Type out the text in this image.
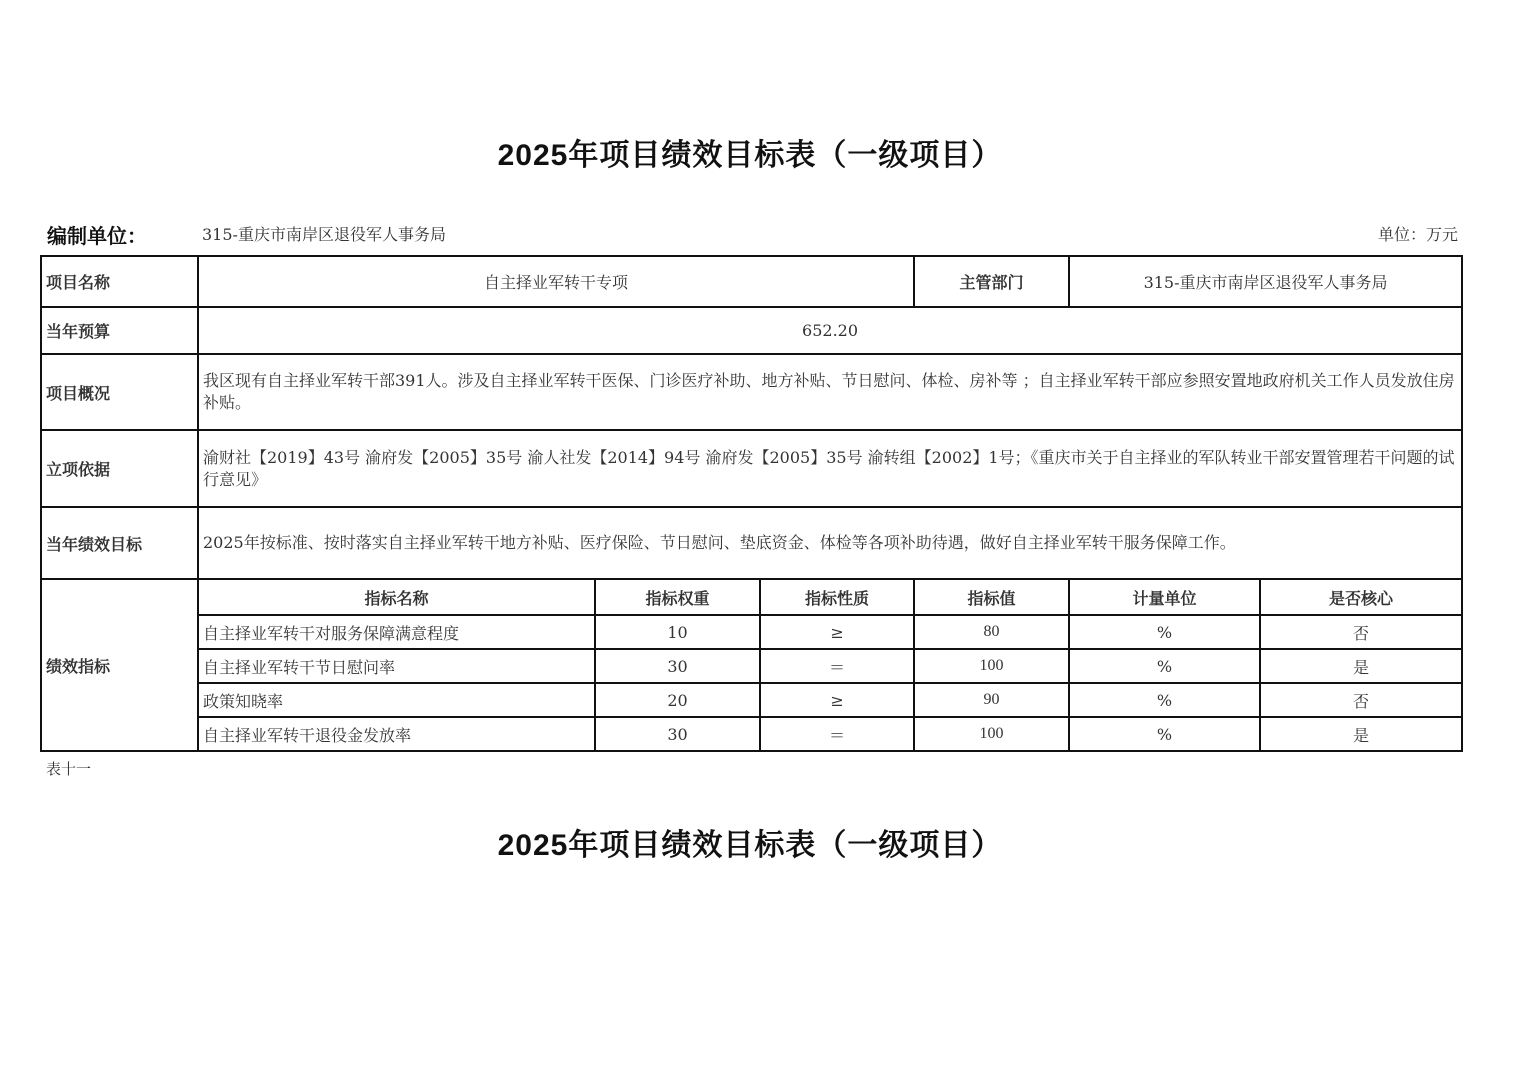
2025年项目绩效目标表（一级项目）
编制单位：	315-重庆市南岸区退役军人事务局	单位：万元
项目名称	自主择业军转干专项			主管部门	315-重庆市南岸区退役军人事务局	
当年预算	652.20					
项目概况	我区现有自主择业军转干部391人。涉及自主择业军转干医保、门诊医疗补助、地方补贴、节日慰问、体检、房补等 ；自主择业军转干部应参照安置地政府机关工作人员发放住房补贴。					
立项依据	渝财社【2019】43号 渝府发【2005】35号 渝人社发【2014】94号 渝府发【2005】35号 渝转组【2002】1号；《重庆市关于自主择业的军队转业干部安置管理若干问题的试行意见》					
当年绩效目标	2025年按标准、按时落实自主择业军转干地方补贴、医疗保险、节日慰问、垫底资金、体检等各项补助待遇，做好自主择业军转干服务保障工作。					
绩效指标	指标名称	指标权重	指标性质	指标值	计量单位	是否核心
	自主择业军转干对服务保障满意程度	10	≥	80	%	否
	自主择业军转干节日慰问率	30	＝	100	%	是
	政策知晓率	20	≥	90	%	否
	自主择业军转干退役金发放率	30	＝	100	%	是
表十一
2025年项目绩效目标表（一级项目）
